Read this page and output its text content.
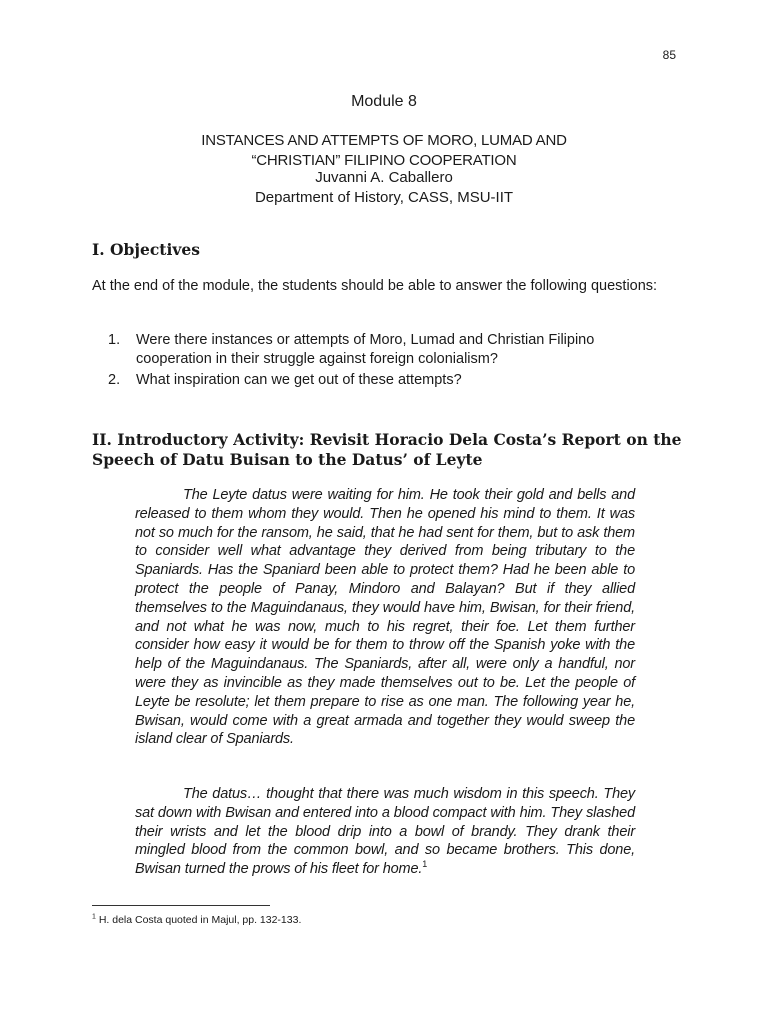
85
Module 8
INSTANCES AND ATTEMPTS OF MORO, LUMAD AND
“CHRISTIAN” FILIPINO COOPERATION
Juvanni A. Caballero
Department of History, CASS, MSU-IIT
I. Objectives
At the end of the module, the students should be able to answer the following questions:
1. Were there instances or attempts of Moro, Lumad and Christian Filipino cooperation in their struggle against foreign colonialism?
2. What inspiration can we get out of these attempts?
II. Introductory Activity: Revisit Horacio Dela Costa’s Report on the Speech of Datu Buisan to the Datus’ of Leyte
The Leyte datus were waiting for him. He took their gold and bells and released to them whom they would. Then he opened his mind to them. It was not so much for the ransom, he said, that he had sent for them, but to ask them to consider well what advantage they derived from being tributary to the Spaniards. Has the Spaniard been able to protect them? Had he been able to protect the people of Panay, Mindoro and Balayan? But if they allied themselves to the Maguindanaus, they would have him, Bwisan, for their friend, and not what he was now, much to his regret, their foe. Let them further consider how easy it would be for them to throw off the Spanish yoke with the help of the Maguindanaus. The Spaniards, after all, were only a handful, nor were they as invincible as they made themselves out to be. Let the people of Leyte be resolute; let them prepare to rise as one man. The following year he, Bwisan, would come with a great armada and together they would sweep the island clear of Spaniards.
The datus… thought that there was much wisdom in this speech. They sat down with Bwisan and entered into a blood compact with him. They slashed their wrists and let the blood drip into a bowl of brandy. They drank their mingled blood from the common bowl, and so became brothers. This done, Bwisan turned the prows of his fleet for home.$^1$
$^1$ H. dela Costa quoted in Majul, pp. 132-133.
